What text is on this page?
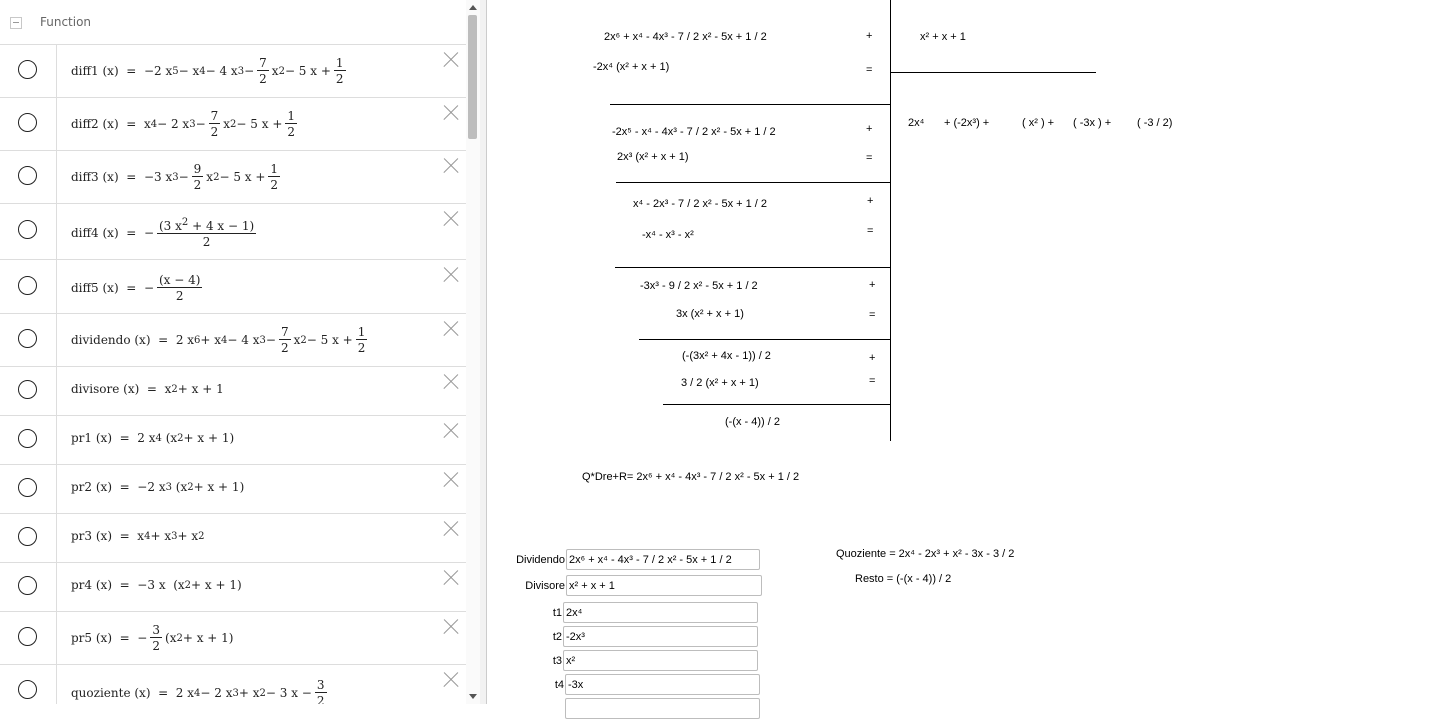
Function
diff1 (x)  =  −2 x 5 − x 4 − 4 x $3 - \frac{7}{2}$ x 2 − 5 $x + \frac{1}{2}$
diff2 (x)  =  x 4 − 2 x $3 - \frac{7}{2}$ x 2 − 5 $x + \frac{1}{2}$
diff3 (x)  =  −3 x $3 - \frac{9}{2}$ x 2 − 5 $x + \frac{1}{2}$
diff4 (x)  =  − $\frac{(3 x^2 + 4 x - 1)}{2}$
diff5 (x)  =  − $\frac{(x - 4)}{2}$
dividendo (x)  =  2 x 6 + x 4 − 4 x $3 - \frac{7}{2}$ x 2 − 5 $x + \frac{1}{2}$
divisore (x)  =  x 2 + x + 1
pr1 (x)  =  2 x 4 (x 2 + x + 1)
pr2 (x)  =  −2 x 3 (x 2 + x + 1)
pr3 (x)  =  x 4 + x 3 + x 2
pr4 (x)  =  −3 x  (x 2 + x + 1)
pr5 (x)  =  − $\frac{3}{2} (x$ 2 + x + 1)
quoziente (x)  =  2 x 4 − 2 x 3 + x 2 − 3 $x - \frac{3}{2}$
2x⁶ + x⁴ - 4x³ - 7 / 2 x² - 5x + 1 / 2	+	x² + x + 1
-2x⁴ (x² + x + 1)	=
2x⁴ + (-2x³) +	( x² ) + ( -3x ) + ( -3 / 2)
-2x⁵ - x⁴ - 4x³ - 7 / 2 x² - 5x + 1 / 2	+
2x³ (x² + x + 1)	=
x⁴ - 2x³ - 7 / 2 x² - 5x + 1 / 2	+
-x⁴ - x³ - x²	=
-3x³ - 9 / 2 x² - 5x + 1 / 2	+
3x (x² + x + 1)	=
(-(3x² + 4x - 1)) / 2	+
3 / 2 (x² + x + 1)	=
(-(x - 4)) / 2
Q*Dre+R= 2x⁶ + x⁴ - 4x³ - 7 / 2 x² - 5x + 1 / 2
Quoziente = 2x⁴ - 2x³ + x² - 3x - 3 / 2
Resto = (-(x - 4)) / 2
Dividendo 2x⁶ + x⁴ - 4x³ - 7 / 2 x² - 5x + 1 / 2
Divisore x² + x + 1
t1 2x⁴
t2 -2x³
t3 x²
t4 -3x
